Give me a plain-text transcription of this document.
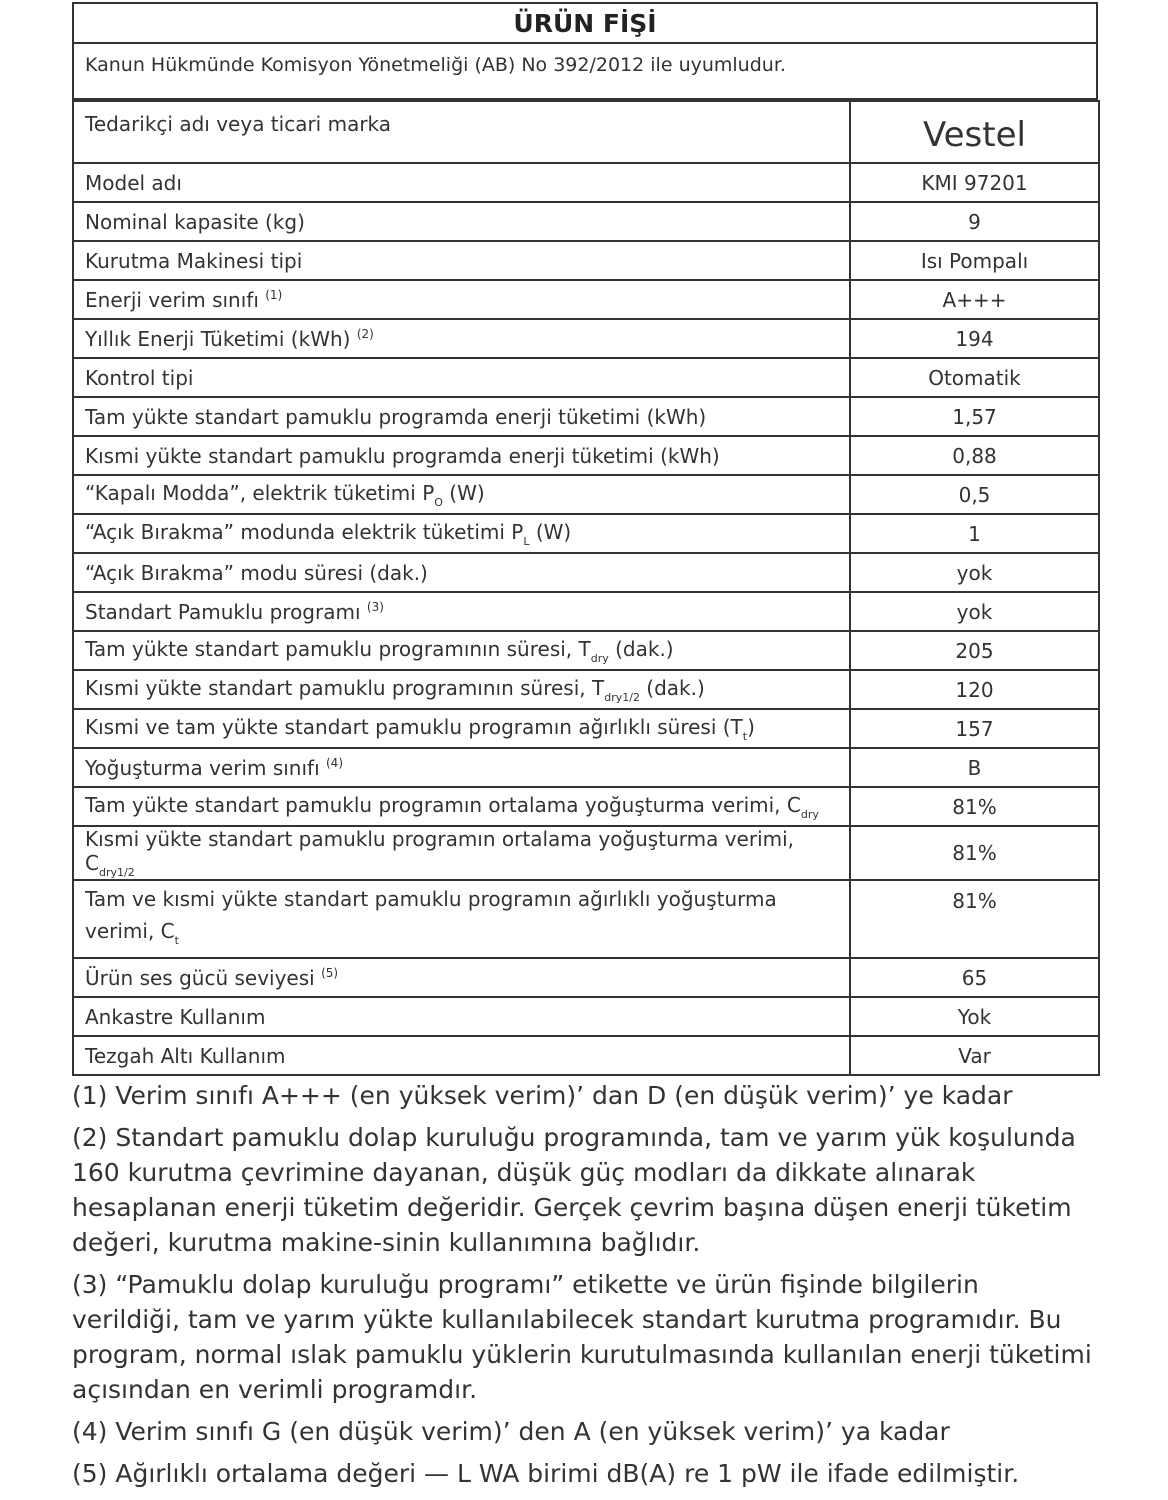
ÜRÜN FİŞİ
Kanun Hükmünde Komisyon Yönetmeliği (AB) No 392/2012 ile uyumludur.
Tedarikçi adı veya ticari marka	Vestel
Model adı	KMI 97201
Nominal kapasite (kg)	9
Kurutma Makinesi tipi	Isı Pompalı
Enerji verim sınıfı $^{(1)}$	A+++
Yıllık Enerji Tüketimi (kWh) $^{(2)}$	194
Kontrol tipi	Otomatik
Tam yükte standart pamuklu programda enerji tüketimi (kWh)	1,57
Kısmi yükte standart pamuklu programda enerji tüketimi (kWh)	0,88
“Kapalı Modda”, elektrik tüketimi $P_O$ (W)	0,5
“Açık Bırakma” modunda elektrik tüketimi $P_L$ (W)	1
“Açık Bırakma” modu süresi (dak.)	yok
Standart Pamuklu programı $^{(3)}$	yok
Tam yükte standart pamuklu programının süresi, $T_{dry}$ (dak.)	205
Kısmi yükte standart pamuklu programının süresi, $T_{dry1/2}$ (dak.)	120
Kısmi ve tam yükte standart pamuklu programın ağırlıklı süresi $(T_t)$	157
Yoğuşturma verim sınıfı $^{(4)}$	B
Tam yükte standart pamuklu programın ortalama yoğuşturma verimi, $C_{dry}$	81%
Kısmi yükte standart pamuklu programın ortalama yoğuşturma verimi, $C_{dry1/2}$	81%
Tam ve kısmi yükte standart pamuklu programın ağırlıklı yoğuşturma verimi, $C_t$	81%
Ürün ses gücü seviyesi $^{(5)}$	65
Ankastre Kullanım	Yok
Tezgah Altı Kullanım	Var

(1) Verim sınıfı A+++ (en yüksek verim)’ dan D (en düşük verim)’ ye kadar

(2) Standart pamuklu dolap kuruluğu programında, tam ve yarım yük koşulunda 160 kurutma çevrimine dayanan, düşük güç modları da dikkate alınarak hesaplanan enerji tüketim değeridir. Gerçek çevrim başına düşen enerji tüketim değeri, kurutma makine-sinin kullanımına bağlıdır.

(3) “Pamuklu dolap kuruluğu programı” etikette ve ürün fişinde bilgilerin verildiği, tam ve yarım yükte kullanılabilecek standart kurutma programıdır. Bu program, normal ıslak pamuklu yüklerin kurutulmasında kullanılan enerji tüketimi açısından en verimli programdır.

(4) Verim sınıfı G (en düşük verim)’ den A (en yüksek verim)’ ya kadar

(5) Ağırlıklı ortalama değeri — L WA birimi dB(A) re 1 pW ile ifade edilmiştir.
